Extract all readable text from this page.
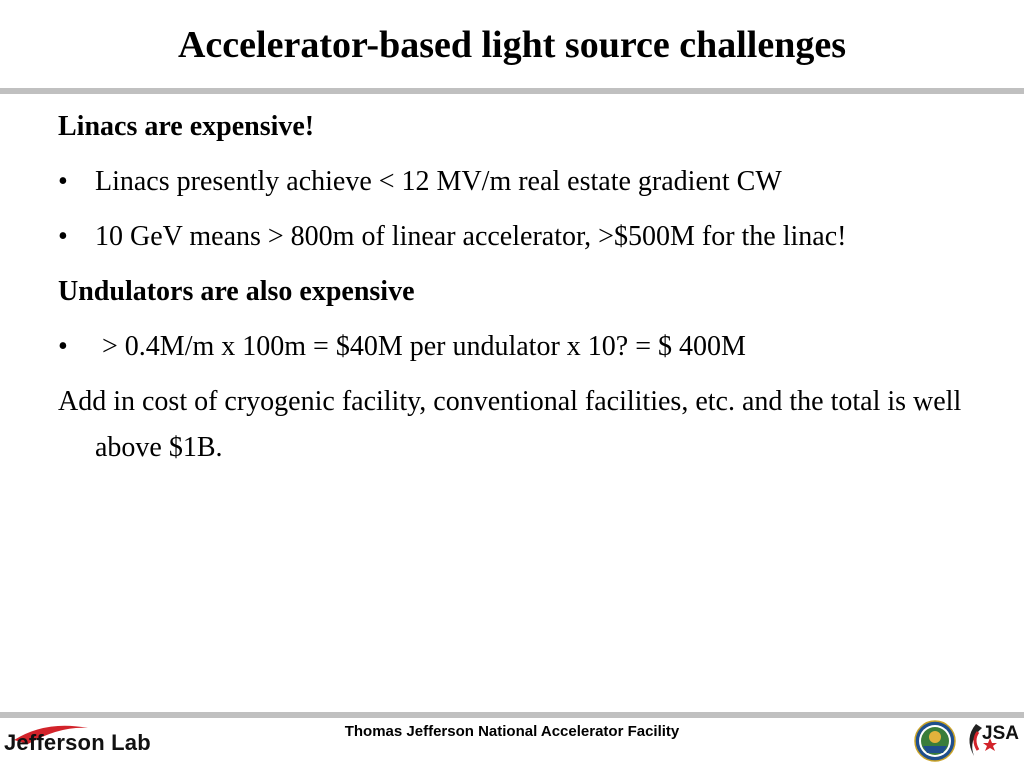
Accelerator-based light source challenges

Linacs are expensive!

• Linacs presently achieve < 12 MV/m real estate gradient CW

• 10 GeV means > 800m of linear accelerator, >$500M for the linac!

Undulators are also expensive

• > 0.4M/m x 100m = $40M per undulator x 10? = $ 400M

Add in cost of cryogenic facility, conventional facilities, etc. and the total is well above $1B.

Thomas Jefferson National Accelerator Facility
Jefferson Lab	JSA
